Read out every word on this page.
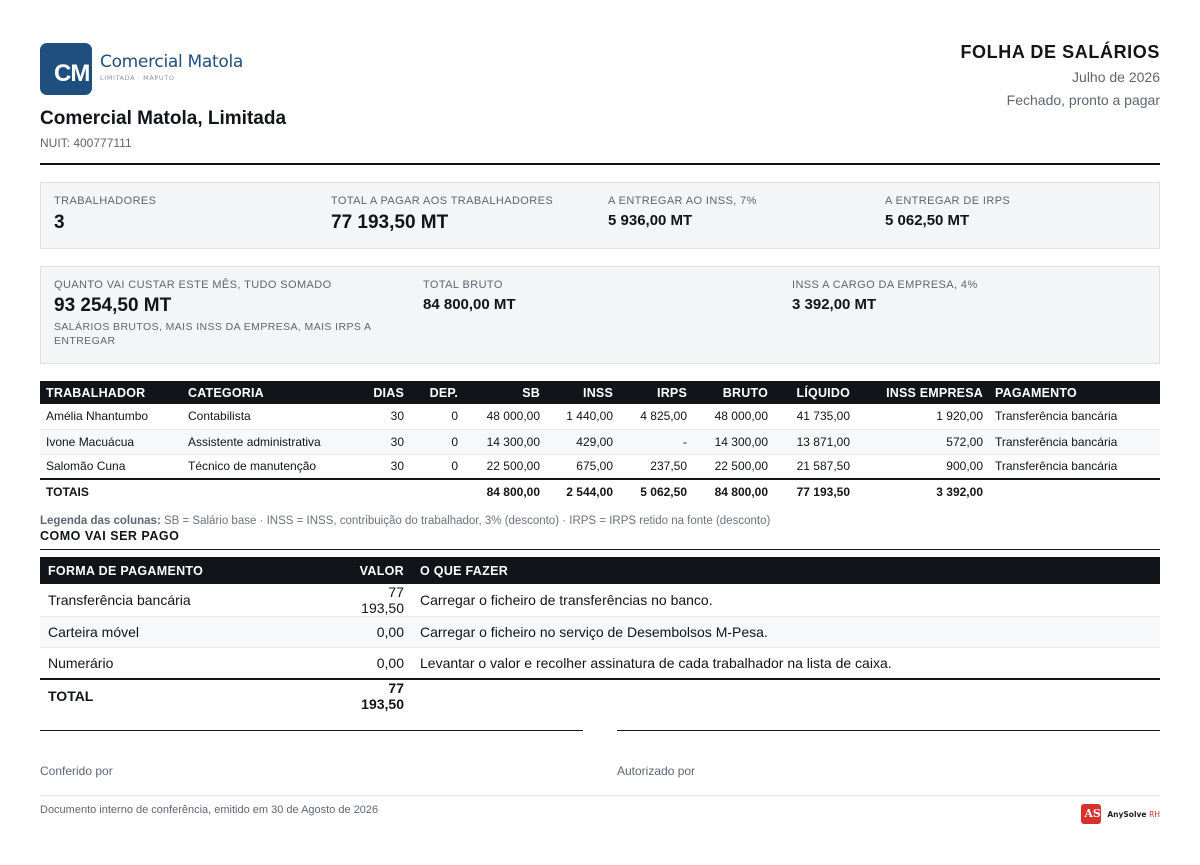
CM Comercial Matola
LIMITADA · MAPUTO
Comercial Matola, Limitada
NUIT: 400777111
FOLHA DE SALÁRIOS
Julho de 2026
Fechado, pronto a pagar
TRABALHADORES
3
TOTAL A PAGAR AOS TRABALHADORES
77 193,50 MT
A ENTREGAR AO INSS, 7%
5 936,00 MT
A ENTREGAR DE IRPS
5 062,50 MT
QUANTO VAI CUSTAR ESTE MÊS, TUDO SOMADO
93 254,50 MT
SALÁRIOS BRUTOS, MAIS INSS DA EMPRESA, MAIS IRPS A ENTREGAR
TOTAL BRUTO
84 800,00 MT
INSS A CARGO DA EMPRESA, 4%
3 392,00 MT
TRABALHADOR	CATEGORIA	DIAS	DEP.	SB	INSS	IRPS	BRUTO	LÍQUIDO	INSS EMPRESA	PAGAMENTO
Amélia Nhantumbo	Contabilista	30	0	48 000,00	1 440,00	4 825,00	48 000,00	41 735,00	1 920,00	Transferência bancária
Ivone Macuácua	Assistente administrativa	30	0	14 300,00	429,00	-	14 300,00	13 871,00	572,00	Transferência bancária
Salomão Cuna	Técnico de manutenção	30	0	22 500,00	675,00	237,50	22 500,00	21 587,50	900,00	Transferência bancária
TOTAIS				84 800,00	2 544,00	5 062,50	84 800,00	77 193,50	3 392,00	
Legenda das colunas: SB = Salário base · INSS = INSS, contribuição do trabalhador, 3% (desconto) · IRPS = IRPS retido na fonte (desconto)
COMO VAI SER PAGO
FORMA DE PAGAMENTO	VALOR	O QUE FAZER
Transferência bancária	77 193,50	Carregar o ficheiro de transferências no banco.
Carteira móvel	0,00	Carregar o ficheiro no serviço de Desembolsos M-Pesa.
Numerário	0,00	Levantar o valor e recolher assinatura de cada trabalhador na lista de caixa.
TOTAL	77 193,50	
Conferido por	Autorizado por
Documento interno de conferência, emitido em 30 de Agosto de 2026	AS AnySolve RH
